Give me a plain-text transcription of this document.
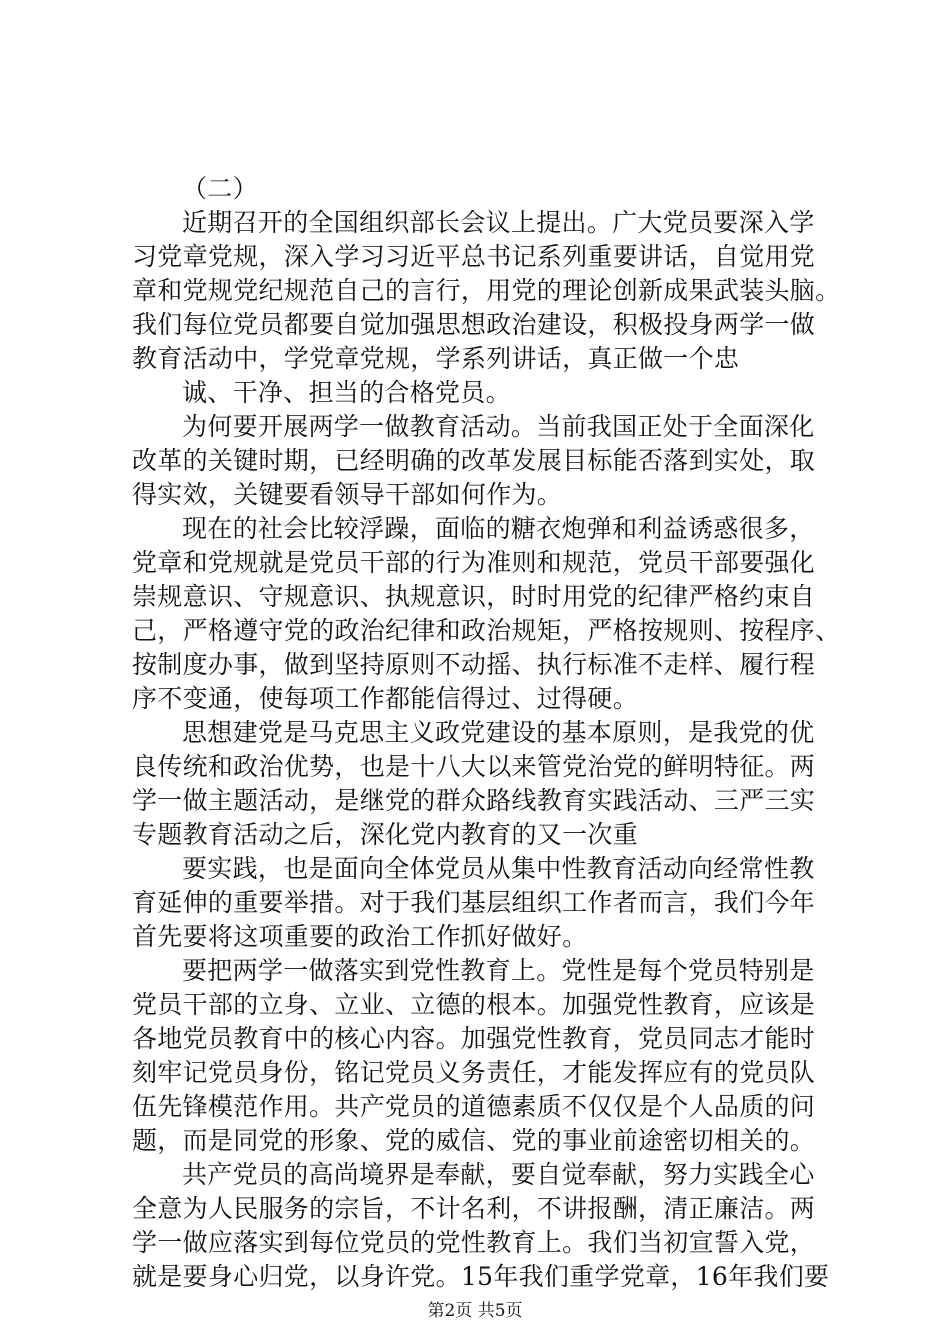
（二）
近期召开的全国组织部长会议上提出。广大党员要深入学
习党章党规，深入学习习近平总书记系列重要讲话，自觉用党
章和党规党纪规范自己的言行，用党的理论创新成果武装头脑。
我们每位党员都要自觉加强思想政治建设，积极投身两学一做
教育活动中，学党章党规，学系列讲话，真正做一个忠
诚、干净、担当的合格党员。
为何要开展两学一做教育活动。当前我国正处于全面深化
改革的关键时期，已经明确的改革发展目标能否落到实处，取
得实效，关键要看领导干部如何作为。
现在的社会比较浮躁，面临的糖衣炮弹和利益诱惑很多，
党章和党规就是党员干部的行为准则和规范，党员干部要强化
崇规意识、守规意识、执规意识，时时用党的纪律严格约束自
己，严格遵守党的政治纪律和政治规矩，严格按规则、按程序、
按制度办事，做到坚持原则不动摇、执行标准不走样、履行程
序不变通，使每项工作都能信得过、过得硬。
思想建党是马克思主义政党建设的基本原则，是我党的优
良传统和政治优势，也是十八大以来管党治党的鲜明特征。两
学一做主题活动，是继党的群众路线教育实践活动、三严三实
专题教育活动之后，深化党内教育的又一次重
要实践，也是面向全体党员从集中性教育活动向经常性教
育延伸的重要举措。对于我们基层组织工作者而言，我们今年
首先要将这项重要的政治工作抓好做好。
要把两学一做落实到党性教育上。党性是每个党员特别是
党员干部的立身、立业、立德的根本。加强党性教育，应该是
各地党员教育中的核心内容。加强党性教育，党员同志才能时
刻牢记党员身份，铭记党员义务责任，才能发挥应有的党员队
伍先锋模范作用。共产党员的道德素质不仅仅是个人品质的问
题，而是同党的形象、党的威信、党的事业前途密切相关的。
共产党员的高尚境界是奉献，要自觉奉献，努力实践全心
全意为人民服务的宗旨，不计名利，不讲报酬，清正廉洁。两
学一做应落实到每位党员的党性教育上。我们当初宣誓入党，
就是要身心归党，以身许党。15年我们重学党章，16年我们要
第2页 共5页
